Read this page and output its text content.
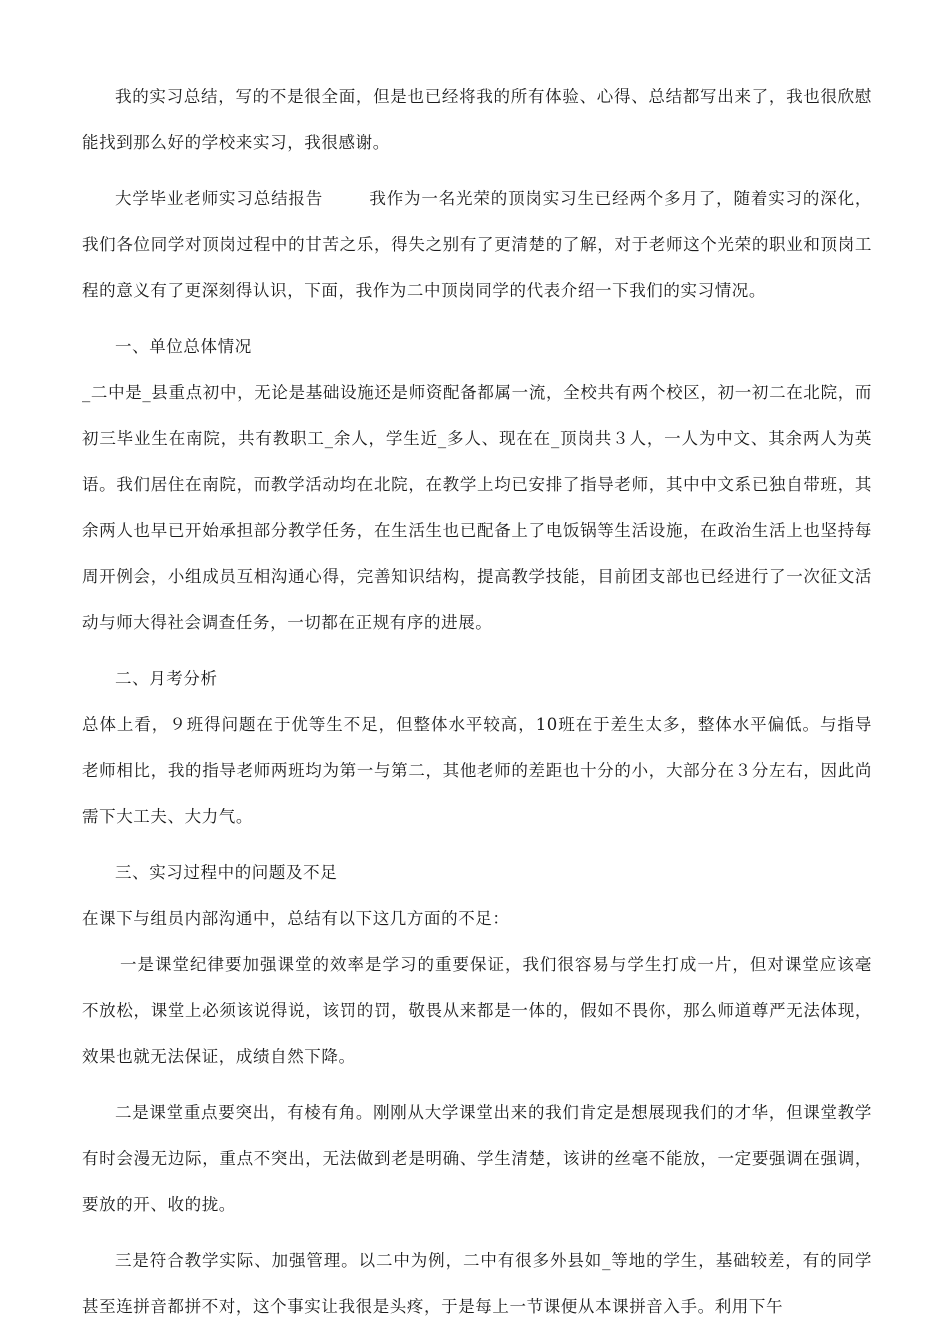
我的实习总结，写的不是很全面，但是也已经将我的所有体验、心得、总结都写出来了，我也很欣慰能找到那么好的学校来实习，我很感谢。

大学毕业老师实习总结报告	我作为一名光荣的顶岗实习生已经两个多月了，随着实习的深化，我们各位同学对顶岗过程中的甘苦之乐，得失之别有了更清楚的了解，对于老师这个光荣的职业和顶岗工程的意义有了更深刻得认识，下面，我作为二中顶岗同学的代表介绍一下我们的实习情况。

一、单位总体情况

_二中是_县重点初中，无论是基础设施还是师资配备都属一流，全校共有两个校区，初一初二在北院，而初三毕业生在南院，共有教职工_余人，学生近_多人、现在在_顶岗共３人，一人为中文、其余两人为英语。我们居住在南院，而教学活动均在北院，在教学上均已安排了指导老师，其中中文系已独自带班，其余两人也早已开始承担部分教学任务，在生活生也已配备上了电饭锅等生活设施，在政治生活上也坚持每周开例会，小组成员互相沟通心得，完善知识结构，提高教学技能，目前团支部也已经进行了一次征文活动与师大得社会调查任务，一切都在正规有序的进展。

二、月考分析

总体上看，９班得问题在于优等生不足，但整体水平较高，10班在于差生太多，整体水平偏低。与指导老师相比，我的指导老师两班均为第一与第二，其他老师的差距也十分的小，大部分在３分左右，因此尚需下大工夫、大力气。

三、实习过程中的问题及不足

在课下与组员内部沟通中，总结有以下这几方面的不足：

一是课堂纪律要加强课堂的效率是学习的重要保证，我们很容易与学生打成一片，但对课堂应该毫不放松，课堂上必须该说得说，该罚的罚，敬畏从来都是一体的，假如不畏你，那么师道尊严无法体现，效果也就无法保证，成绩自然下降。

二是课堂重点要突出，有棱有角。刚刚从大学课堂出来的我们肯定是想展现我们的才华，但课堂教学有时会漫无边际，重点不突出，无法做到老是明确、学生清楚，该讲的丝毫不能放，一定要强调在强调，要放的开、收的拢。

三是符合教学实际、加强管理。以二中为例，二中有很多外县如_等地的学生，基础较差，有的同学甚至连拼音都拼不对，这个事实让我很是头疼，于是每上一节课便从本课拼音入手。利用下午
